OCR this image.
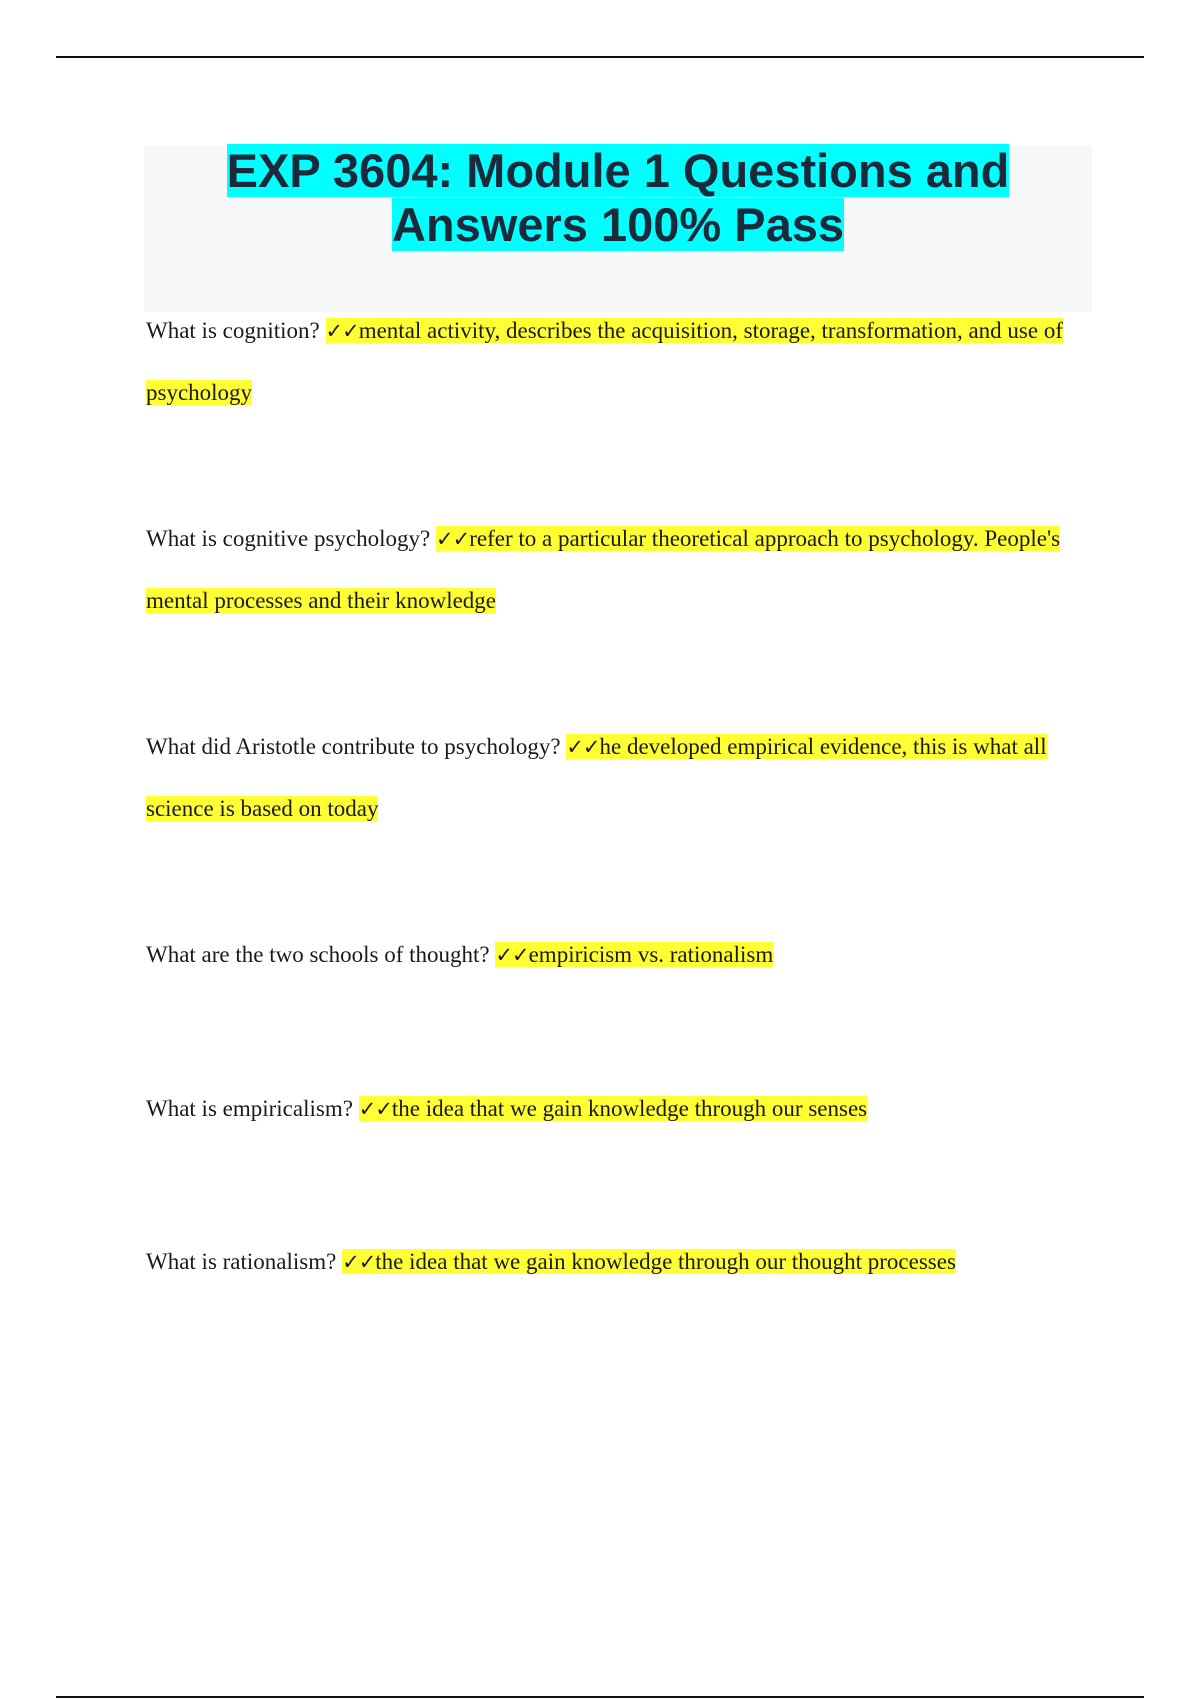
EXP 3604: Module 1 Questions and
Answers 100% Pass

What is cognition? ✓✓mental activity, describes the acquisition, storage, transformation, and use of psychology

What is cognitive psychology? ✓✓refer to a particular theoretical approach to psychology. People's mental processes and their knowledge

What did Aristotle contribute to psychology? ✓✓he developed empirical evidence, this is what all science is based on today

What are the two schools of thought? ✓✓empiricism vs. rationalism

What is empiricalism? ✓✓the idea that we gain knowledge through our senses

What is rationalism? ✓✓the idea that we gain knowledge through our thought processes
